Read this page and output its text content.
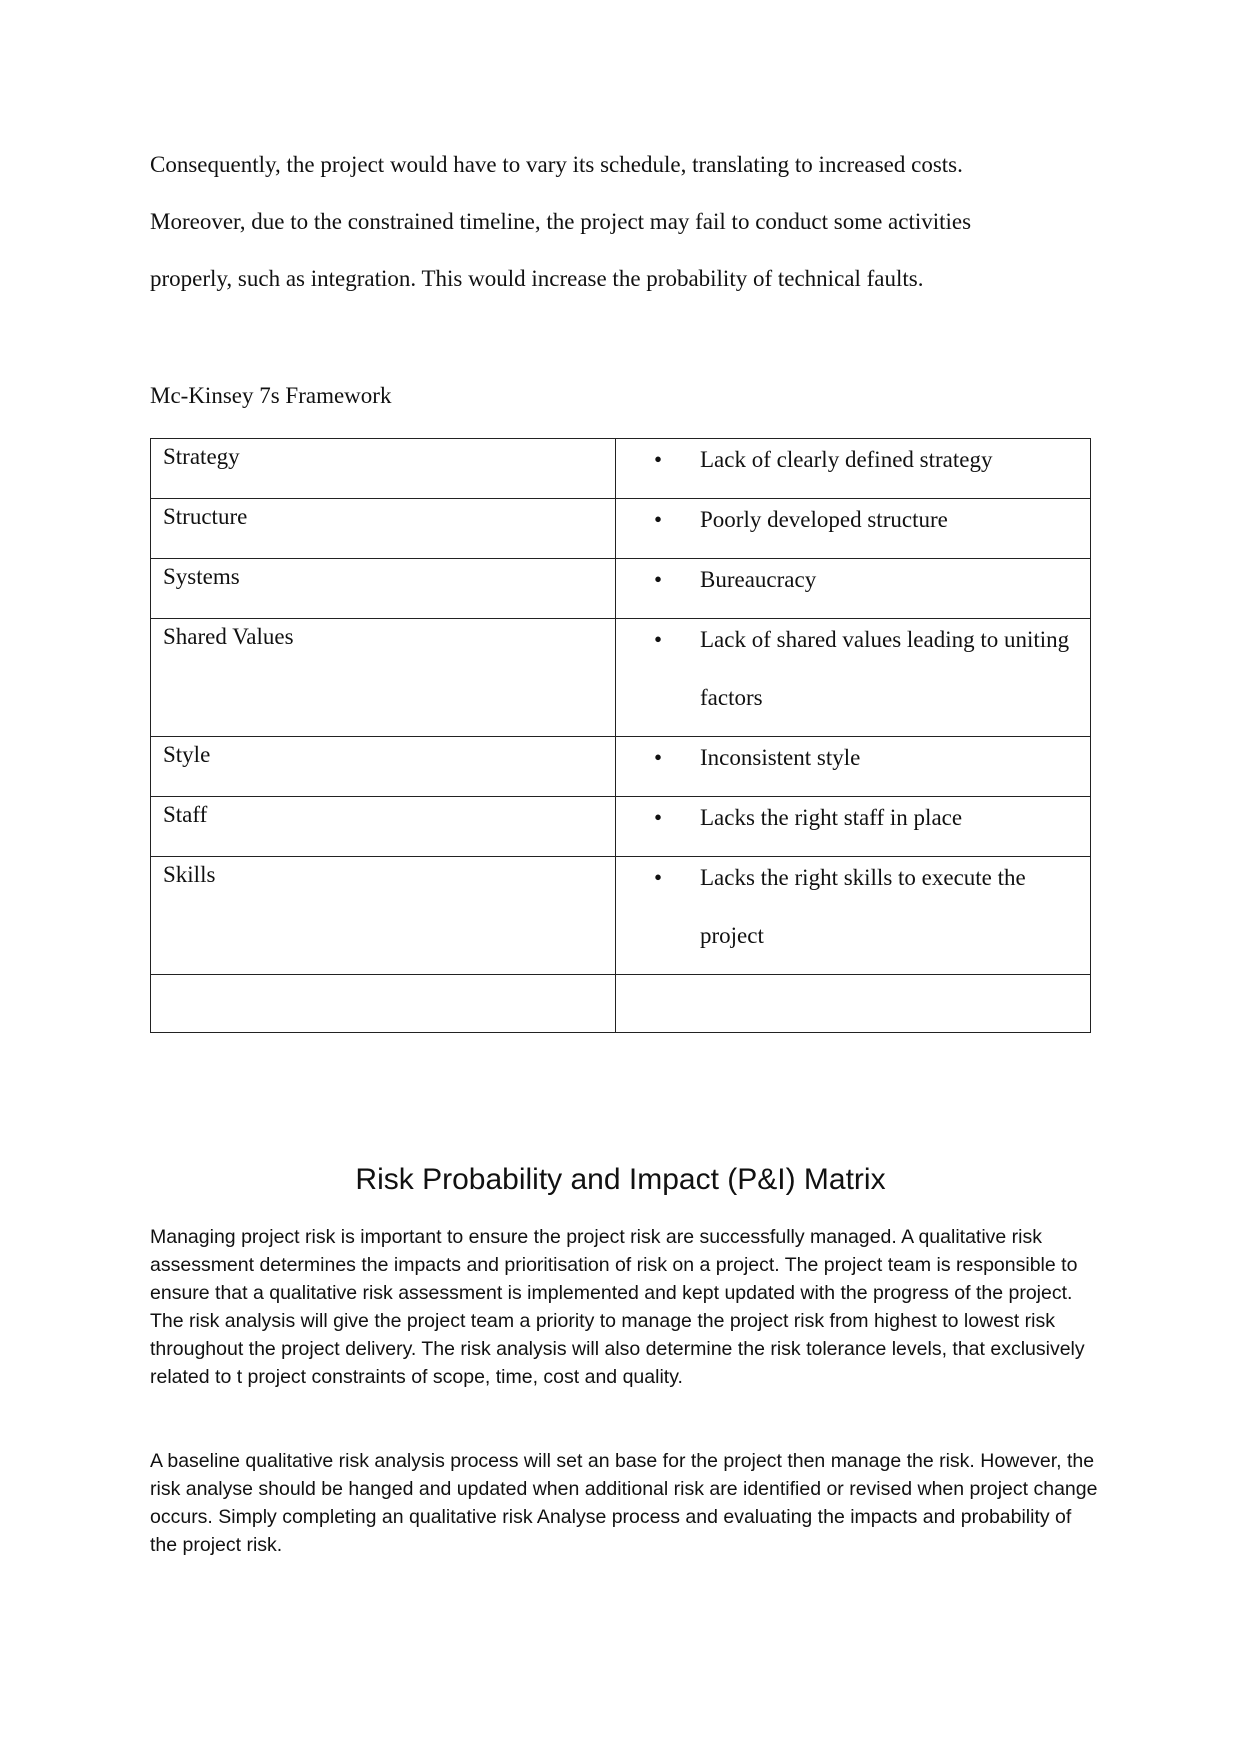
Consequently, the project would have to vary its schedule, translating to increased costs.

Moreover, due to the constrained timeline, the project may fail to conduct some activities

properly, such as integration. This would increase the probability of technical faults.

Mc-Kinsey 7s Framework
Strategy	• Lack of clearly defined strategy

Structure	• Poorly developed structure

Systems	• Bureaucracy

Shared Values	• Lack of shared values leading to uniting factors

Style	• Inconsistent style

Staff	• Lacks the right staff in place

Skills	• Lacks the right skills to execute the project

Risk Probability and Impact (P&I) Matrix

Managing project risk is important to ensure the project risk are successfully managed. A qualitative risk assessment determines the impacts and prioritisation of risk on a project. The project team is responsible to ensure that a qualitative risk assessment is implemented and kept updated with the progress of the project. The risk analysis will give the project team a priority to manage the project risk from highest to lowest risk throughout the project delivery. The risk analysis will also determine the risk tolerance levels, that exclusively related to t project constraints of scope, time, cost and quality.

A baseline qualitative risk analysis process will set an base for the project then manage the risk. However, the risk analyse should be hanged and updated when additional risk are identified or revised when project change occurs. Simply completing an qualitative risk Analyse process and evaluating the impacts and probability of the project risk.
